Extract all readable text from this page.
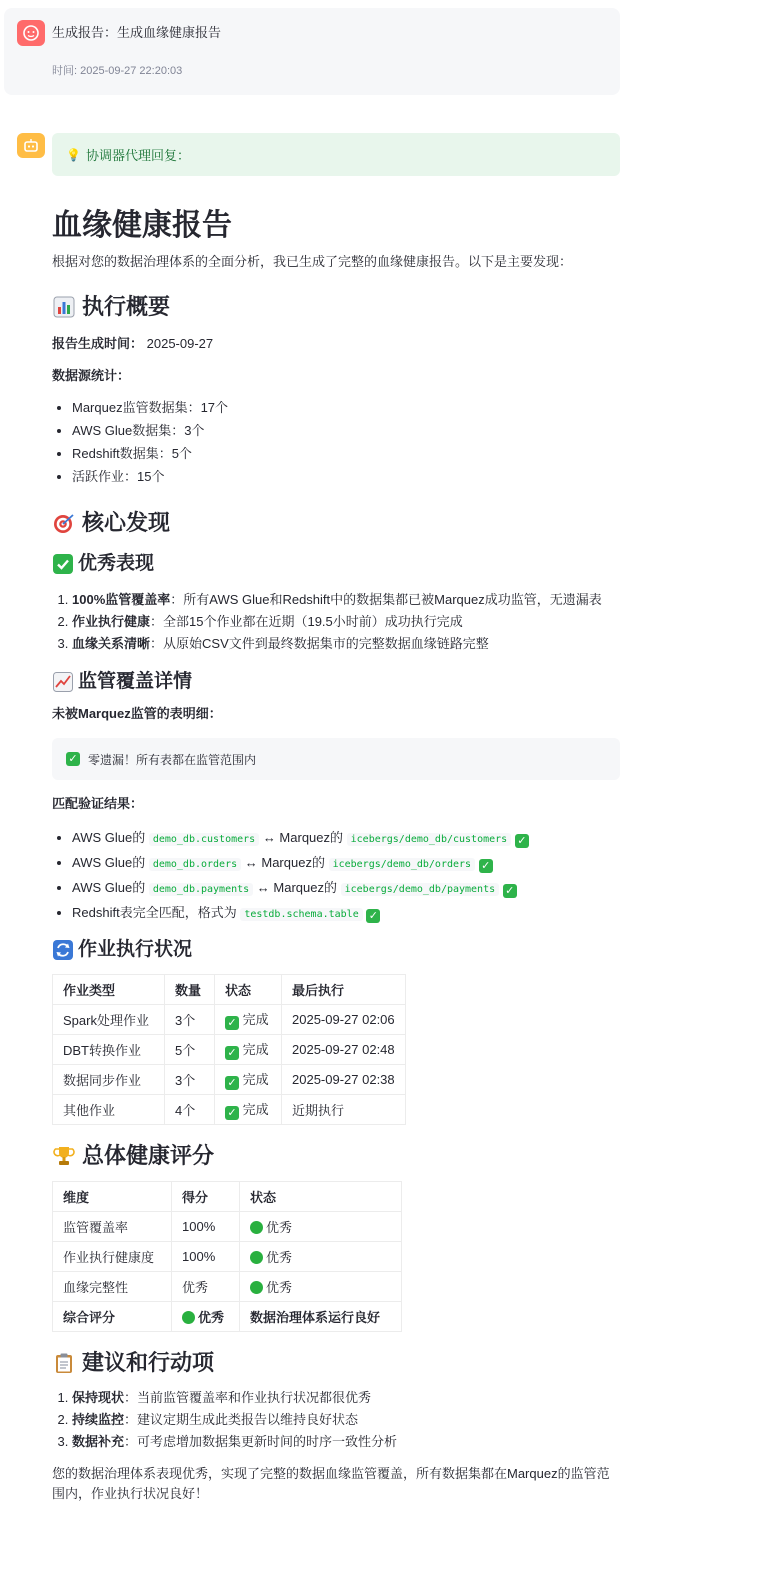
生成报告：生成血缘健康报告
时间: 2025-09-27 22:20:03
💡 协调器代理回复：
血缘健康报告

根据对您的数据治理体系的全面分析，我已生成了完整的血缘健康报告。以下是主要发现：

执行概要

报告生成时间： 2025-09-27

数据源统计：

• Marquez监管数据集：17个
• AWS Glue数据集：3个
• Redshift数据集：5个
• 活跃作业：15个
核心发现
优秀表现
1. 100%监管覆盖率：所有AWS Glue和Redshift中的数据集都已被Marquez成功监管，无遗漏表
2. 作业执行健康：全部15个作业都在近期（19.5小时前）成功执行完成
3. 血缘关系清晰：从原始CSV文件到最终数据集市的完整数据血缘链路完整
监管覆盖详情

未被Marquez监管的表明细：

✓ 零遗漏！所有表都在监管范围内

匹配验证结果：

• AWS Glue的 demo_db.customers ↔ Marquez的 icebergs/demo_db/customers ✓
• AWS Glue的 demo_db.orders ↔ Marquez的 icebergs/demo_db/orders ✓
• AWS Glue的 demo_db.payments ↔ Marquez的 icebergs/demo_db/payments ✓
• Redshift表完全匹配，格式为 testdb.schema.table ✓
作业执行状况
作业类型	数量	状态	最后执行
Spark处理作业	3个	✓ 完成	2025-09-27 02:06
DBT转换作业	5个	✓ 完成	2025-09-27 02:48
数据同步作业	3个	✓ 完成	2025-09-27 02:38
其他作业	4个	✓ 完成	近期执行
总体健康评分
维度	得分	状态
监管覆盖率	100%	优秀
作业执行健康度	100%	优秀
血缘完整性	优秀	优秀
综合评分	优秀	数据治理体系运行良好
建议和行动项
1. 保持现状：当前监管覆盖率和作业执行状况都很优秀
2. 持续监控：建议定期生成此类报告以维持良好状态
3. 数据补充：可考虑增加数据集更新时间的时序一致性分析

您的数据治理体系表现优秀，实现了完整的数据血缘监管覆盖，所有数据集都在Marquez的监管范围内，作业执行状况良好！
